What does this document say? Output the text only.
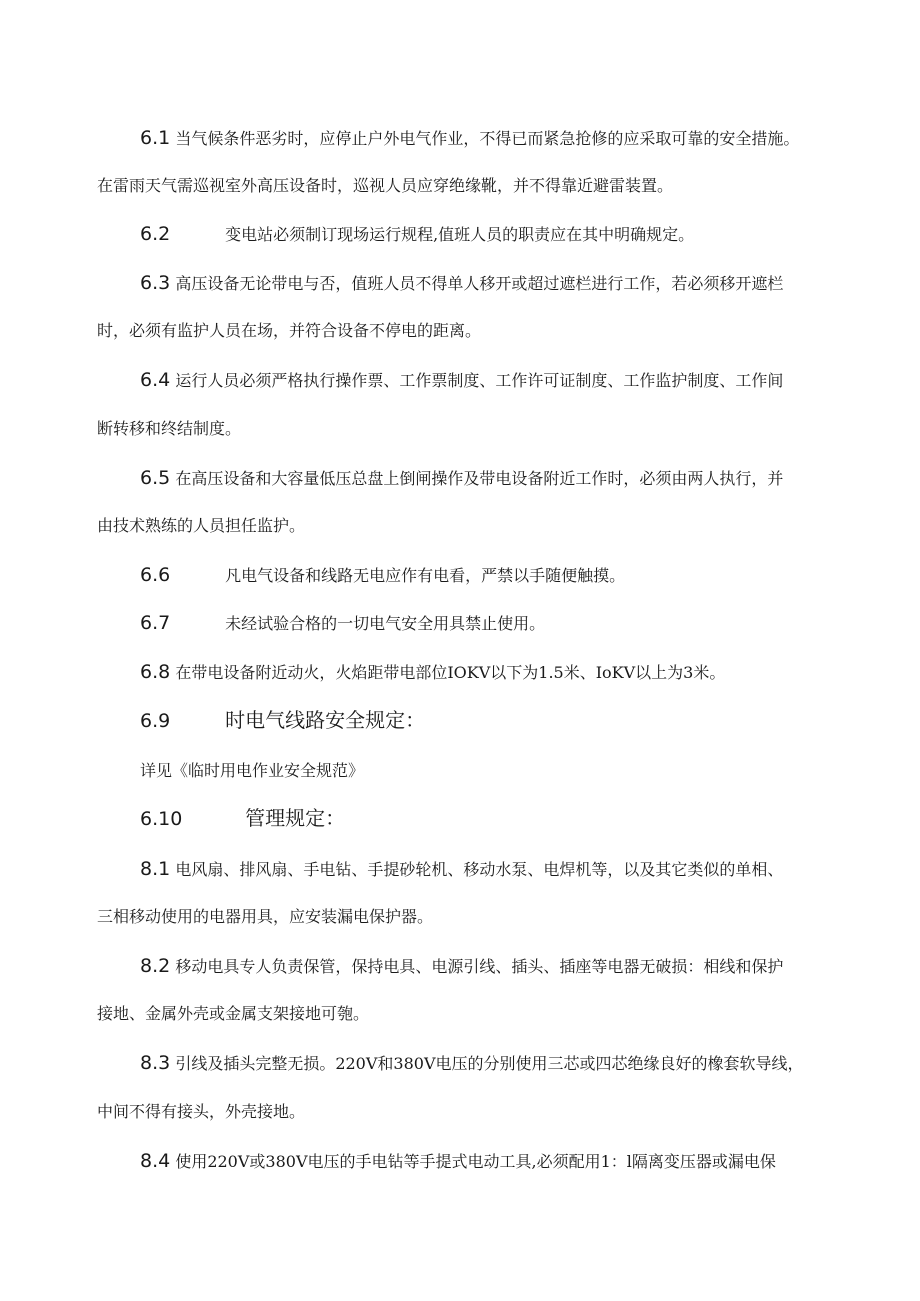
6.1 当气候条件恶劣时，应停止户外电气作业，不得已而紧急抢修的应采取可靠的安全措施。
在雷雨天气需巡视室外高压设备时，巡视人员应穿绝缘靴，并不得靠近避雷装置。
6.2	变电站必须制订现场运行规程,值班人员的职责应在其中明确规定。
6.3 高压设备无论带电与否，值班人员不得单人移开或超过遮栏进行工作，若必须移开遮栏
时，必须有监护人员在场，并符合设备不停电的距离。
6.4 运行人员必须严格执行操作票、工作票制度、工作许可证制度、工作监护制度、工作间
断转移和终结制度。
6.5 在高压设备和大容量低压总盘上倒闸操作及带电设备附近工作时，必须由两人执行，并
由技术熟练的人员担任监护。
6.6	凡电气设备和线路无电应作有电看，严禁以手随便触摸。
6.7	未经试验合格的一切电气安全用具禁止使用。
6.8 在带电设备附近动火，火焰距带电部位IOKV以下为1.5米、IoKV以上为3米。
6.9	时电气线路安全规定：
详见《临时用电作业安全规范》
6.10	管理规定：
8.1 电风扇、排风扇、手电钻、手提砂轮机、移动水泵、电焊机等，以及其它类似的单相、
三相移动使用的电器用具，应安装漏电保护器。
8.2 移动电具专人负责保管，保持电具、电源引线、插头、插座等电器无破损：相线和保护
接地、金属外壳或金属支架接地可匏。
8.3 引线及插头完整无损。220V和380V电压的分别使用三芯或四芯绝缘良好的橡套软导线，
中间不得有接头，外壳接地。
8.4 使用220V或380V电压的手电钻等手提式电动工具,必须配用1：l隔离变压器或漏电保
